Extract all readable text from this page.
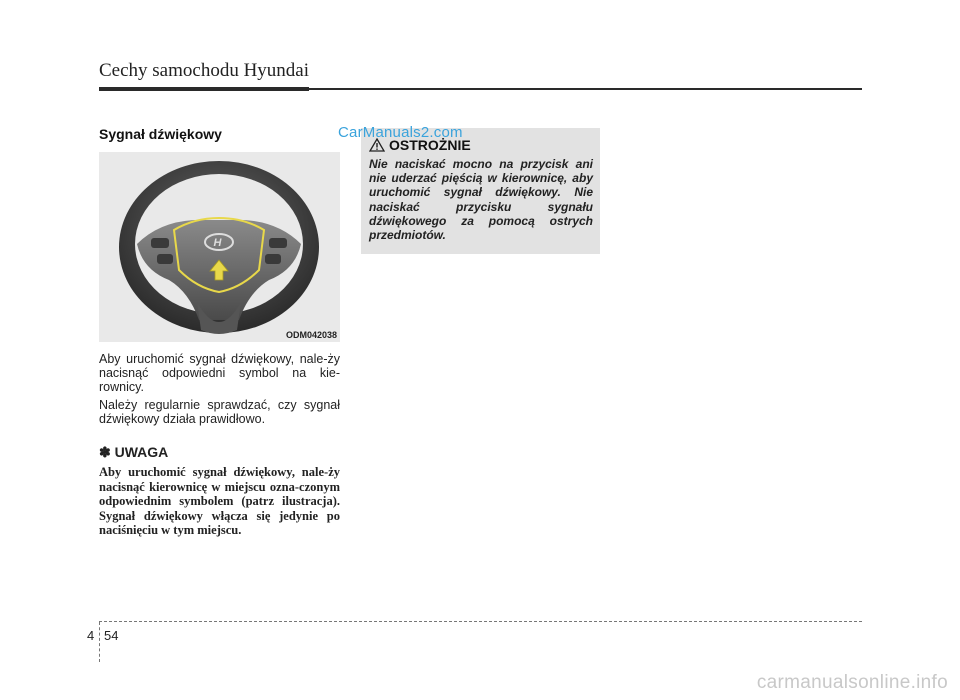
Cechy samochodu Hyundai
Sygnał dźwiękowy
H
ODM042038
Aby uruchomić sygnał dźwiękowy, nale-ży nacisnąć odpowiedni symbol na kie-rownicy.
Należy regularnie sprawdzać, czy sygnał dźwiękowy działa prawidłowo.
✽ UWAGA
Aby uruchomić sygnał dźwiękowy, nale-ży nacisnąć kierownicę w miejscu ozna-czonym odpowiednim symbolem (patrz ilustracja). Sygnał dźwiękowy włącza się jedynie po naciśnięciu w tym miejscu.
OSTROŻNIE
Nie naciskać mocno na przycisk ani nie uderzać pięścią w kierownicę, aby uruchomić sygnał dźwiękowy. Nie naciskać przycisku sygnału dźwiękowego za pomocą ostrych przedmiotów.
CarManuals2.com
4 54
carmanualsonline.info
